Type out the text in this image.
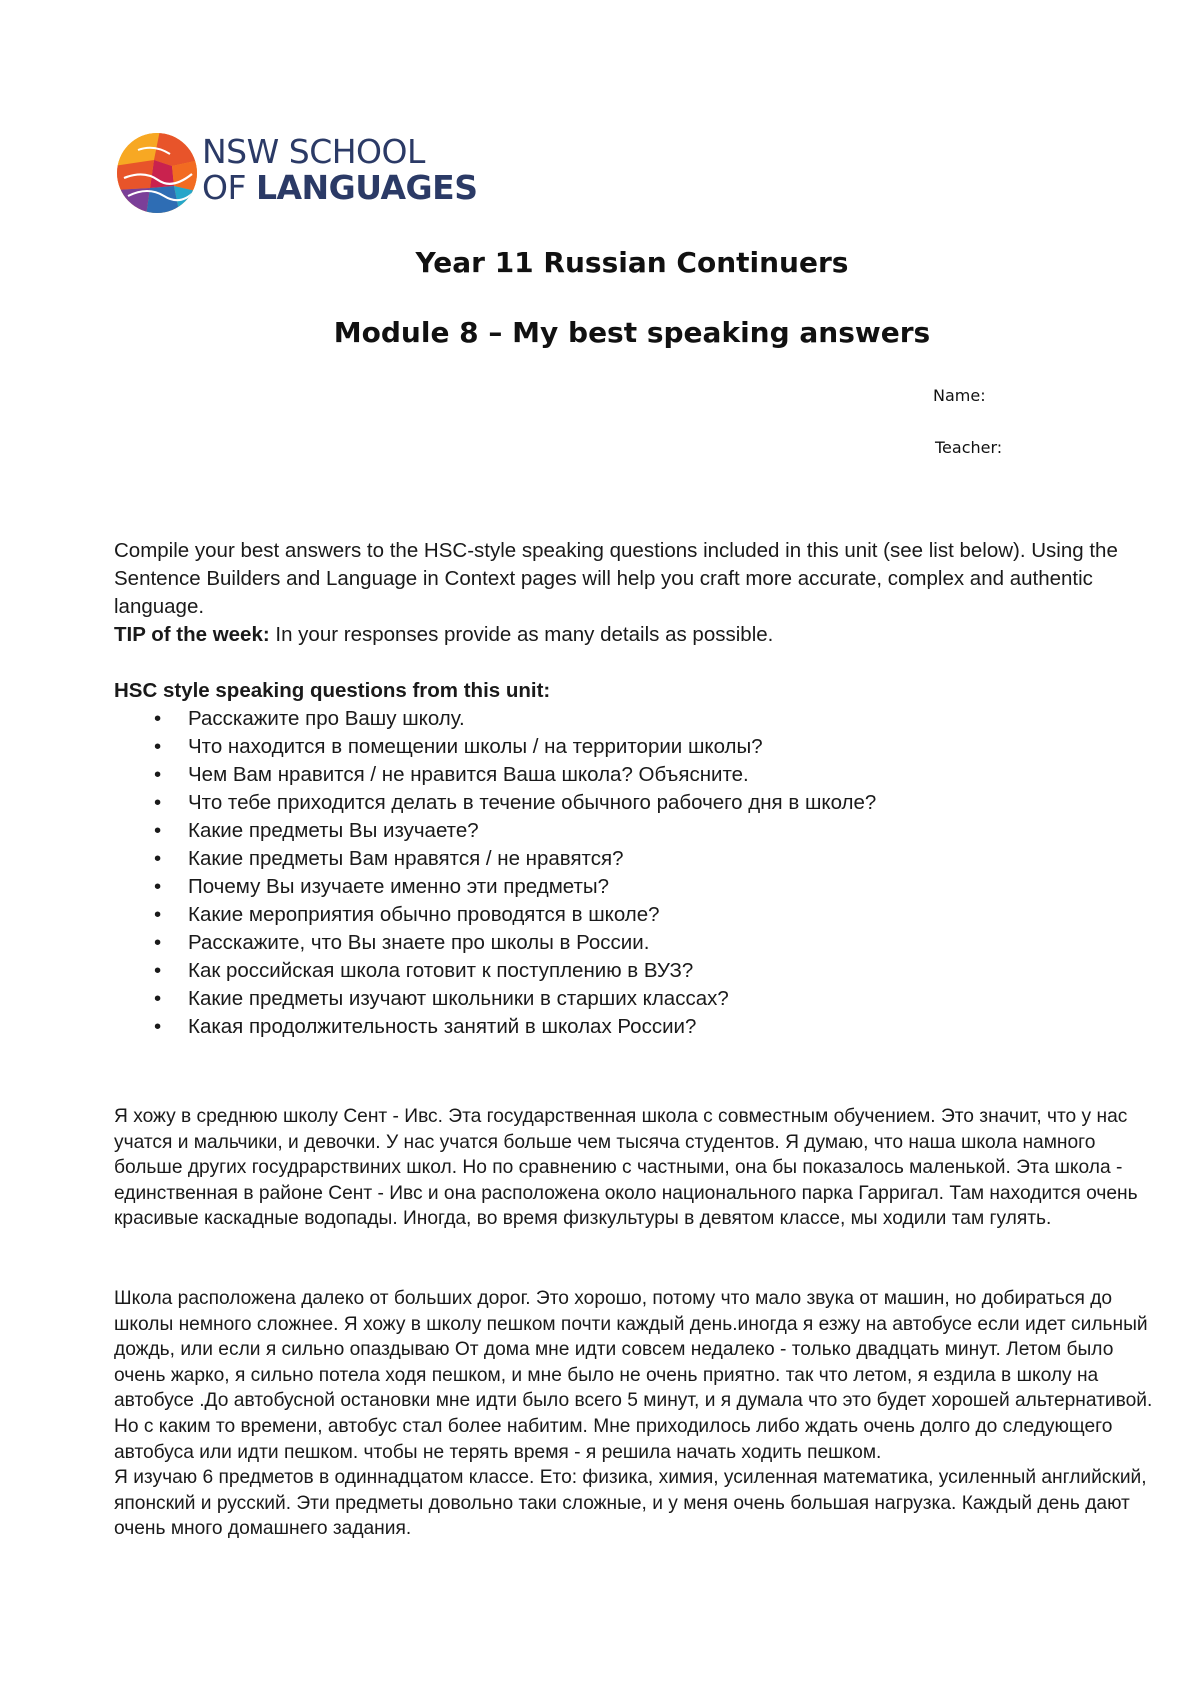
NSW SCHOOL
OF LANGUAGES
Year 11 Russian Continuers
Module 8 – My best speaking answers
Name:
Teacher:

Compile your best answers to the HSC-style speaking questions included in this unit (see list below). Using the Sentence Builders and Language in Context pages will help you craft more accurate, complex and authentic language.

TIP of the week: In your responses provide as many details as possible.

HSC style speaking questions from this unit:

• Расскажите про Вашу школу.
• Что находится в помещении школы / на территории школы?
• Чем Вам нравится / не нравится Ваша школа? Объясните.
• Что тебе приходится делать в течение обычного рабочего дня в школе?
• Какие предметы Вы изучаете?
• Какие предметы Вам нравятся / не нравятся?
• Почему Вы изучаете именно эти предметы?
• Какие мероприятия обычно проводятся в школе?
• Расскажите, что Вы знаете про школы в России.
• Как российская школа готовит к поступлению в ВУЗ?
• Какие предметы изучают школьники в старших классах?
• Какая продолжительность занятий в школах России?

Я хожу в среднюю школу Сент - Ивс. Эта государственная школа с совместным обучением. Это значит, что у нас учатся и мальчики, и девочки. У нас учатся больше чем тысяча студентов. Я думаю, что наша школа намного больше других госудрарствиних школ. Но по сравнению с частными, она бы показалось маленькой. Эта школа - единственная в районе Сент - Ивс и она расположена около национального парка Гарригал. Там находится очень красивые каскадные водопады. Иногда, во время физкультуры в девятом классе, мы ходили там гулять.

Школа расположена далеко от больших дорог. Это хорошо, потому что мало звука от машин, но добираться до школы немного сложнее. Я хожу в школу пешком почти каждый день.иногда я езжу на автобусе если идет сильный дождь, или если я сильно опаздываю От дома мне идти совсем недалеко - только двадцать минут. Летом было очень жарко, я сильно потела ходя пешком, и мне было не очень приятно. так что летом, я ездила в школу на автобусе .До автобусной остановки мне идти было всего 5 минут, и я думала что это будет хорошей альтернативой. Но с каким то времени, автобус стал более набитим. Мне приходилось либо ждать очень долго до следующего автобуса или идти пешком. чтобы не терять время - я решила начать ходить пешком.

Я изучаю 6 предметов в одиннадцатом классе. Ето: физика, химия, усиленная математика, усиленный английский, японский и русский. Эти предметы довольно таки сложные, и у меня очень большая нагрузка. Каждый день дают очень много домашнего задания.
